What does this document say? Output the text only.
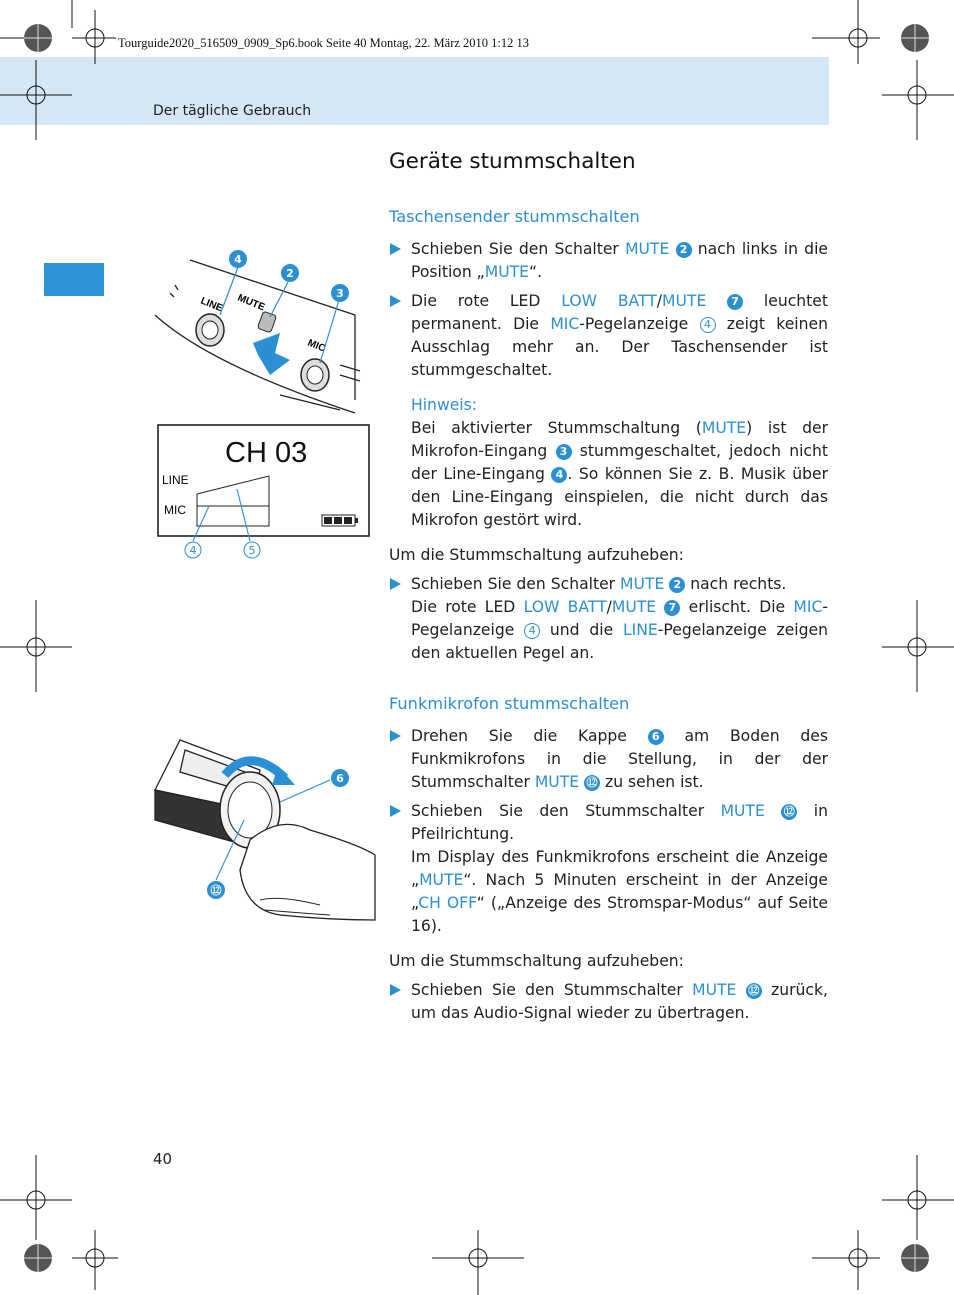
Tourguide2020_516509_0909_Sp6.book Seite 40 Montag, 22. März 2010 1:12 13
Der tägliche Gebrauch
40
LINE MUTE
MIC
4
2
3
CH 03
LINE
MIC
4	5
6
⑫
Geräte stummschalten
Taschensender stummschalten

Schieben Sie den Schalter MUTE 2 nach links in die Position „MUTE“.

Die rote LED LOW BATT/MUTE 7 leuchtet permanent. Die MIC-Pegelanzeige 4 zeigt keinen Ausschlag mehr an. Der Taschensender ist stummgeschaltet.

Hinweis:

Bei aktivierter Stummschaltung (MUTE) ist der Mikrofon-Eingang 3 stummgeschaltet, jedoch nicht der Line-Eingang 4 . So können Sie z. B. Musik über den Line-Eingang einspielen, die nicht durch das Mikrofon gestört wird.

Um die Stummschaltung aufzuheben:

Schieben Sie den Schalter MUTE 2 nach rechts.

Die rote LED LOW BATT/MUTE 7 erlischt. Die MIC-Pegelanzeige 4 und die LINE-Pegelanzeige zeigen den aktuellen Pegel an.

Funkmikrofon stummschalten

Drehen Sie die Kappe 6 am Boden des Funkmikrofons in die Stellung, in der der Stummschalter MUTE ⑫ zu sehen ist.

Schieben Sie den Stummschalter MUTE ⑫ in Pfeilrichtung.

Im Display des Funkmikrofons erscheint die Anzeige „MUTE“. Nach 5 Minuten erscheint in der Anzeige „CH OFF“ („Anzeige des Stromspar-Modus“ auf Seite 16).

Um die Stummschaltung aufzuheben:

Schieben Sie den Stummschalter MUTE ⑫ zurück, um das Audio-Signal wieder zu übertragen.
